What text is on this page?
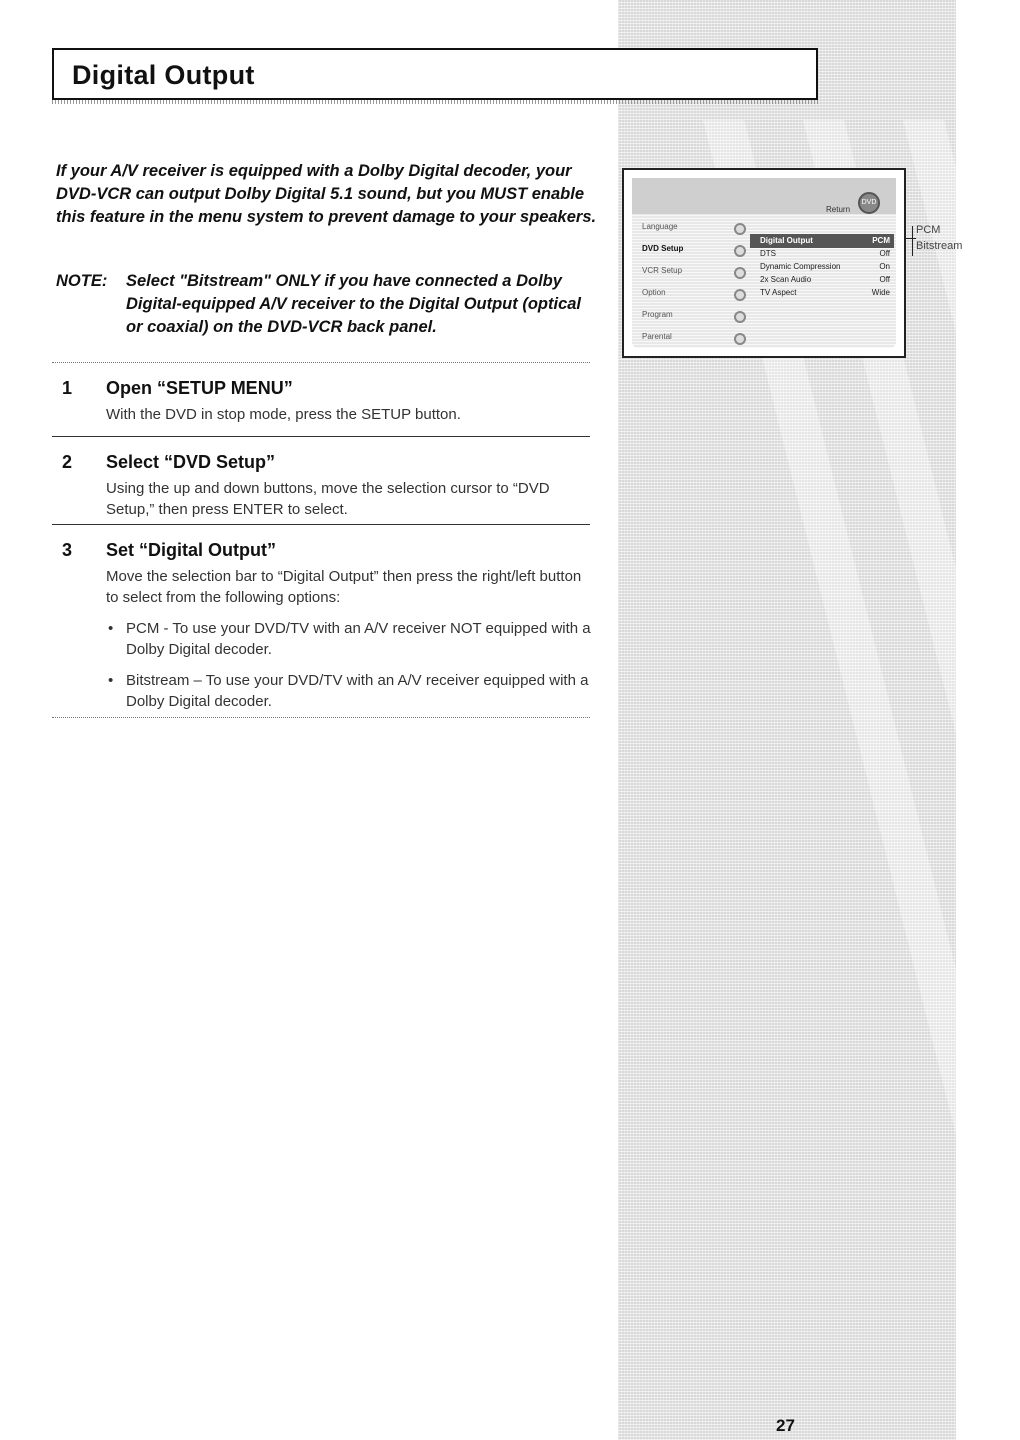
Digital Output
If your A/V receiver is equipped with a Dolby Digital decoder, your DVD-VCR can output Dolby Digital 5.1 sound, but you MUST enable this feature in the menu system to prevent damage to your speakers.
NOTE:	Select "Bitstream" ONLY if you have connected a Dolby Digital-equipped A/V receiver to the Digital Output (optical or coaxial) on the DVD-VCR back panel.
1 Open “SETUP MENU”
With the DVD in stop mode, press the SETUP button.
2 Select “DVD Setup”
Using the up and down buttons, move the selection cursor to “DVD Setup,” then press ENTER to select.
3 Set “Digital Output”
Move the selection bar to “Digital Output” then press the right/left button to select from the following options:
• PCM - To use your DVD/TV with an A/V receiver NOT equipped with a Dolby Digital decoder.
• Bitstream – To use your DVD/TV with an A/V receiver equipped with a Dolby Digital decoder.
Return
DVD
Language
DVD Setup
VCR Setup
Option
Program
Parental
Digital Output	PCM
DTS	Off
Dynamic Compression	On
2x Scan Audio	Off
TV Aspect	Wide
PCM
Bitstream
27
